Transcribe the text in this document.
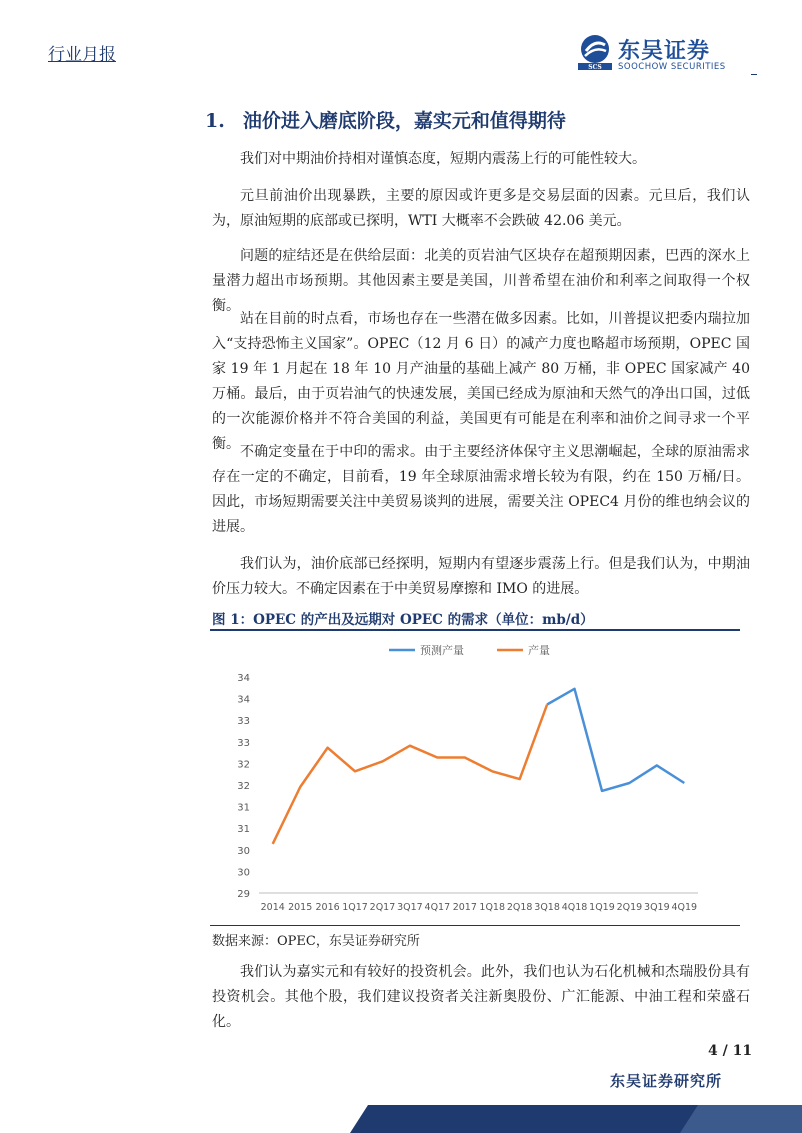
行业月报
SCS
东吴证券
SOOCHOW SECURITIES
1. 油价进入磨底阶段，嘉实元和值得期待

我们对中期油价持相对谨慎态度，短期内震荡上行的可能性较大。

元旦前油价出现暴跌，主要的原因或许更多是交易层面的因素。元旦后，我们认为，原油短期的底部或已探明，WTI 大概率不会跌破 42.06 美元。

问题的症结还是在供给层面：北美的页岩油气区块存在超预期因素，巴西的深水上量潜力超出市场预期。其他因素主要是美国，川普希望在油价和利率之间取得一个权衡。

站在目前的时点看，市场也存在一些潜在做多因素。比如，川普提议把委内瑞拉加入“支持恐怖主义国家”。OPEC（12 月 6 日）的减产力度也略超市场预期，OPEC 国家 19 年 1 月起在 18 年 10 月产油量的基础上减产 80 万桶，非 OPEC 国家减产 40 万桶。最后，由于页岩油气的快速发展，美国已经成为原油和天然气的净出口国，过低的一次能源价格并不符合美国的利益，美国更有可能是在利率和油价之间寻求一个平衡。 不确定变量在于中印的需求。由于主要经济体保守主义思潮崛起，全球的原油需求存在一定的不确定，目前看，19 年全球原油需求增长较为有限，约在 150 万桶/日。因此，市场短期需要关注中美贸易谈判的进展，需要关注 OPEC4 月份的维也纳会议的进展。

我们认为，油价底部已经探明，短期内有望逐步震荡上行。但是我们认为，中期油价压力较大。不确定因素在于中美贸易摩擦和 IMO 的进展。

图 1：OPEC 的产出及远期对 OPEC 的需求（单位：mb/d）
预测产量	产量
29
30
30
31
31
32
32
33
33
34
34
2014 2015 2016 1Q17 2Q17 3Q17 4Q17 2017 1Q18 2Q18 3Q18 4Q18 1Q19 2Q19 3Q19 4Q19
数据来源：OPEC，东吴证券研究所

我们认为嘉实元和有较好的投资机会。此外，我们也认为石化机械和杰瑞股份具有投资机会。其他个股，我们建议投资者关注新奥股份、广汇能源、中油工程和荣盛石化。

4 / 11
东吴证券研究所
